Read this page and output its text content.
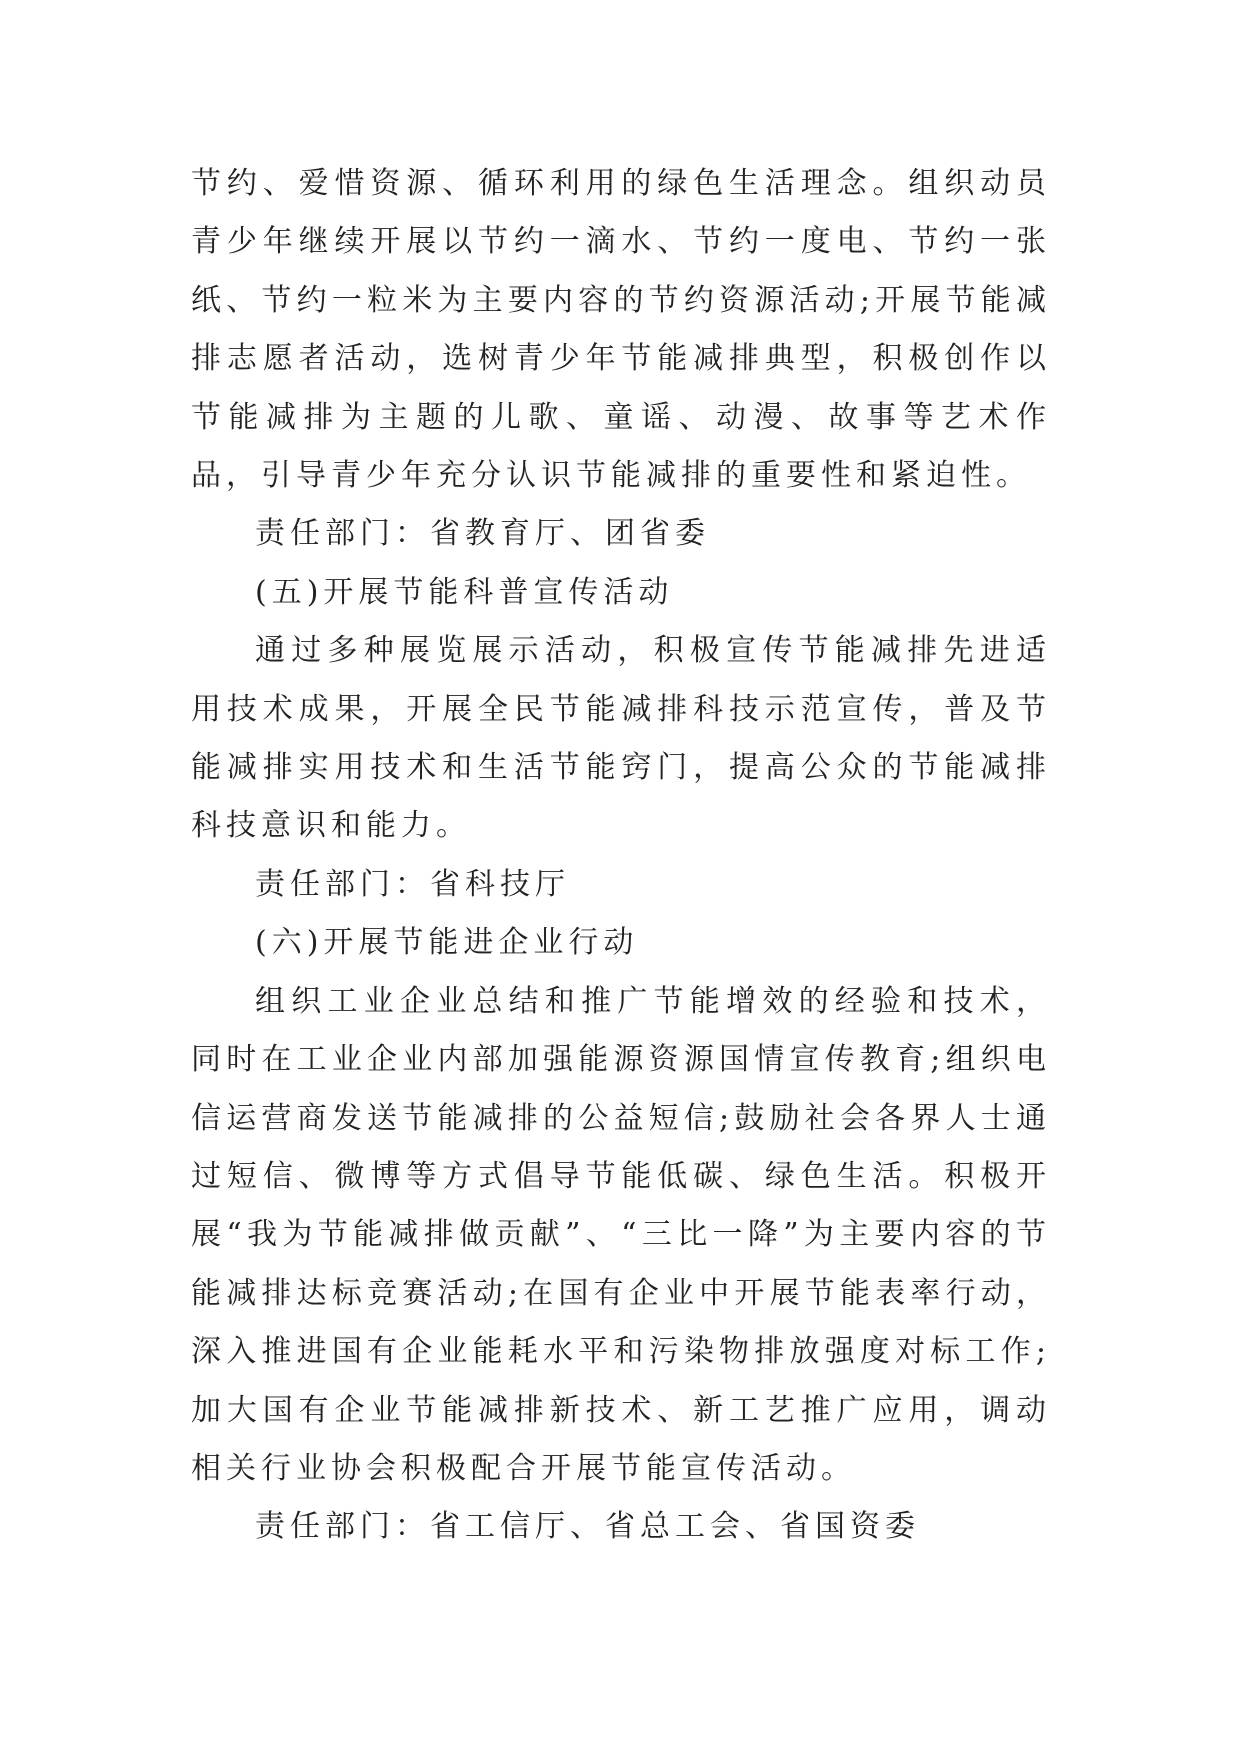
节约、爱惜资源、循环利用的绿色生活理念。组织动员青少年继续开展以节约一滴水、节约一度电、节约一张纸、节约一粒米为主要内容的节约资源活动;开展节能减排志愿者活动，选树青少年节能减排典型，积极创作以节能减排为主题的儿歌、童谣、动漫、故事等艺术作品，引导青少年充分认识节能减排的重要性和紧迫性。

责任部门：省教育厅、团省委

(五)开展节能科普宣传活动

通过多种展览展示活动，积极宣传节能减排先进适用技术成果，开展全民节能减排科技示范宣传，普及节能减排实用技术和生活节能窍门，提高公众的节能减排科技意识和能力。

责任部门：省科技厅

(六)开展节能进企业行动

组织工业企业总结和推广节能增效的经验和技术，同时在工业企业内部加强能源资源国情宣传教育;组织电信运营商发送节能减排的公益短信;鼓励社会各界人士通过短信、微博等方式倡导节能低碳、绿色生活。积极开展“我为节能减排做贡献”、“三比一降”为主要内容的节能减排达标竞赛活动;在国有企业中开展节能表率行动，深入推进国有企业能耗水平和污染物排放强度对标工作;加大国有企业节能减排新技术、新工艺推广应用，调动相关行业协会积极配合开展节能宣传活动。

责任部门：省工信厅、省总工会、省国资委
